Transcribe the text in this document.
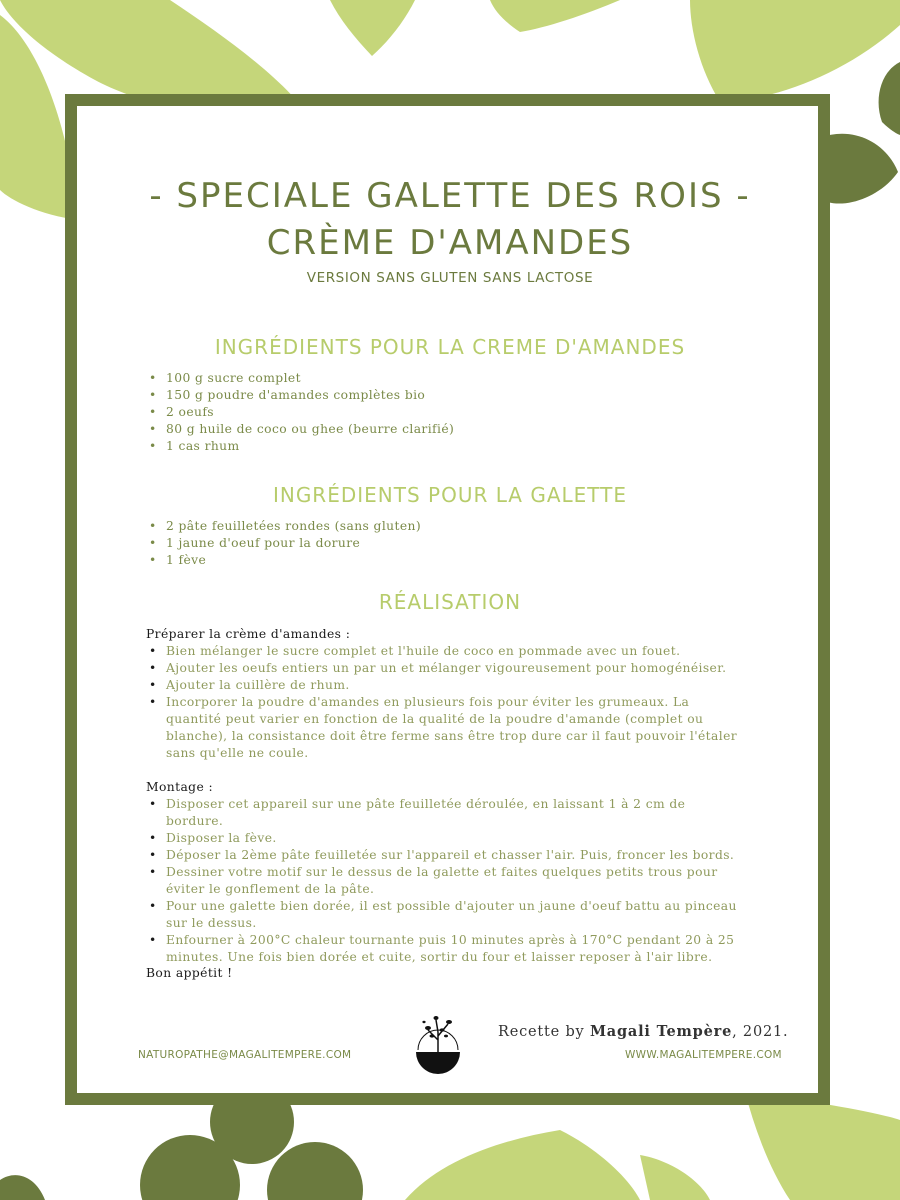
- SPECIALE GALETTE DES ROIS -
CRÈME D'AMANDES
VERSION SANS GLUTEN SANS LACTOSE
INGRÉDIENTS POUR LA CREME D'AMANDES
• 100 g sucre complet
• 150 g poudre d'amandes complètes bio
• 2 oeufs
• 80 g huile de coco ou ghee (beurre clarifié)
• 1 cas rhum
INGRÉDIENTS POUR LA GALETTE
• 2 pâte feuilletées rondes (sans gluten)
• 1 jaune d'oeuf pour la dorure
• 1 fève
RÉALISATION
Préparer la crème d'amandes :
• Bien mélanger le sucre complet et l'huile de coco en pommade avec un fouet.
• Ajouter les oeufs entiers un par un et mélanger vigoureusement pour homogénéiser.
• Ajouter la cuillère de rhum.
• Incorporer la poudre d'amandes en plusieurs fois pour éviter les grumeaux. La quantité peut varier en fonction de la qualité de la poudre d'amande (complet ou blanche), la consistance doit être ferme sans être trop dure car il faut pouvoir l'étaler sans qu'elle ne coule.
Montage :
• Disposer cet appareil sur une pâte feuilletée déroulée, en laissant 1 à 2 cm de bordure.
• Disposer la fève.
• Déposer la 2ème pâte feuilletée sur l'appareil et chasser l'air. Puis, froncer les bords.
• Dessiner votre motif sur le dessus de la galette et faites quelques petits trous pour éviter le gonflement de la pâte.
• Pour une galette bien dorée, il est possible d'ajouter un jaune d'oeuf battu au pinceau sur le dessus.
• Enfourner à 200°C chaleur tournante puis 10 minutes après à 170°C pendant 20 à 25 minutes. Une fois bien dorée et cuite, sortir du four et laisser reposer à l'air libre.
Bon appétit !
Recette by Magali Tempère, 2021.
NATUROPATHE@MAGALITEMPERE.COM	WWW.MAGALITEMPERE.COM
